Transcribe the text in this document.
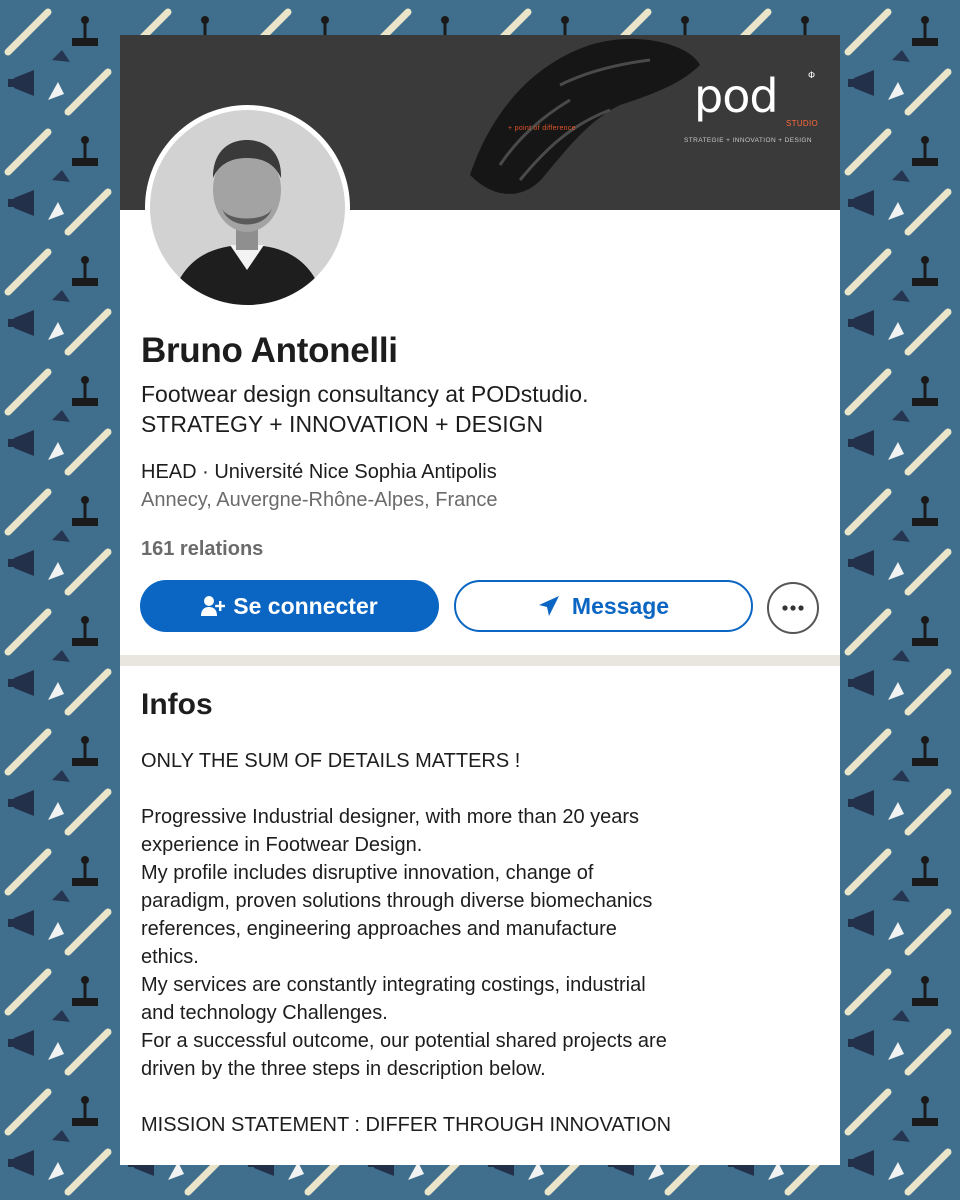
+ point of difference
pod	Φ
STUDIO
STRATEGIE + INNOVATION + DESIGN
Bruno Antonelli
Footwear design consultancy at PODstudio.
STRATEGY + INNOVATION + DESIGN
HEAD · Université Nice Sophia Antipolis
Annecy, Auvergne-Rhône-Alpes, France
161 relations
Se connecter	Message
Infos

ONLY THE SUM OF DETAILS MATTERS !

Progressive Industrial designer, with more than 20 years

experience in Footwear Design.

My profile includes disruptive innovation, change of

paradigm, proven solutions through diverse biomechanics

references, engineering approaches and manufacture

ethics.

My services are constantly integrating costings, industrial

and technology Challenges.

For a successful outcome, our potential shared projects are

driven by the three steps in description below.

MISSION STATEMENT : DIFFER THROUGH INNOVATION
